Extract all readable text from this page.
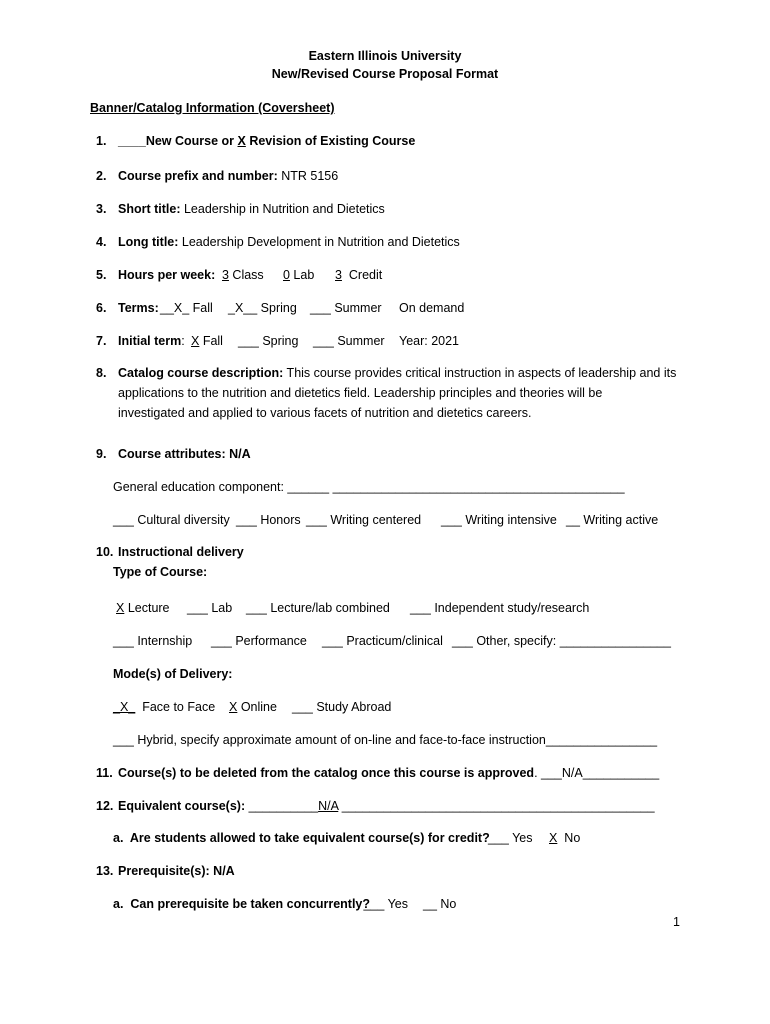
Eastern Illinois University
New/Revised Course Proposal Format
Banner/Catalog Information (Coversheet)
1. ____New Course or X Revision of Existing Course
2. Course prefix and number: NTR 5156
3. Short title: Leadership in Nutrition and Dietetics
4. Long title: Leadership Development in Nutrition and Dietetics
5. Hours per week: 3 Class 0 Lab 3  Credit
6. Terms: __X_ Fall _X__ Spring ___ Summer On demand
7. Initial term: X Fall ___ Spring ___ Summer Year: 2021
8. Catalog course description: This course provides critical instruction in aspects of leadership and its
applications to the nutrition and dietetics field. Leadership principles and theories will be
investigated and applied to various facets of nutrition and dietetics careers.
9. Course attributes: N/A
General education component: ______ __________________________________________
___ Cultural diversity ___ Honors ___ Writing centered ___ Writing intensive __ Writing active
10. Instructional delivery
Type of Course:
X Lecture ___ Lab ___ Lecture/lab combined ___ Independent study/research
___ Internship ___ Performance ___ Practicum/clinical ___ Other, specify: ________________
Mode(s) of Delivery:
_X_  Face to Face X Online ___ Study Abroad
___ Hybrid, specify approximate amount of on-line and face-to-face instruction________________
11. Course(s) to be deleted from the catalog once this course is approved. ___N/A___________
12. Equivalent course(s): __________N/A _____________________________________________
a.  Are students allowed to take equivalent course(s) for credit?
___ Yes X  No
13. Prerequisite(s): N/A
a.  Can prerequisite be taken concurrently?
___ Yes __ No
1
